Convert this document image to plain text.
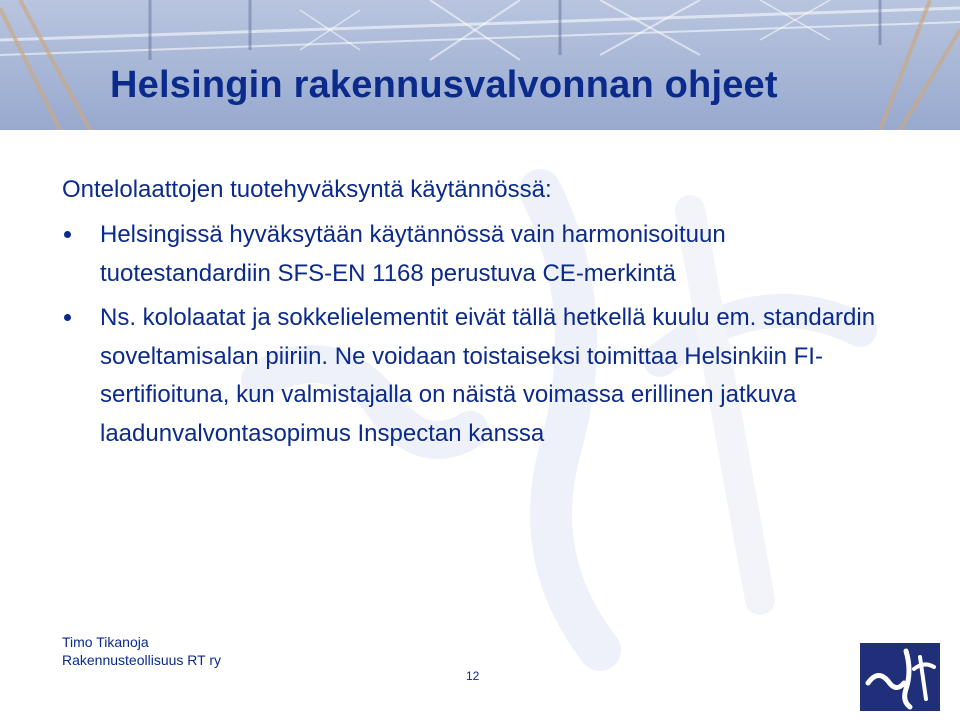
Helsingin rakennusvalvonnan ohjeet
Ontelolaattojen tuotehyväksyntä käytännössä:
Helsingissä hyväksytään käytännössä vain harmonisoituun tuotestandardiin SFS-EN 1168 perustuva CE-merkintä
Ns. kololaatat ja sokkelielementit eivät tällä hetkellä kuulu em. standardin soveltamisalan piiriin. Ne voidaan toistaiseksi toimittaa Helsinkiin FI-sertifioituna, kun valmistajalla on näistä voimassa erillinen jatkuva laadunvalvontasopimus Inspectan kanssa
Timo Tikanoja
Rakennusteollisuus RT ry
12
